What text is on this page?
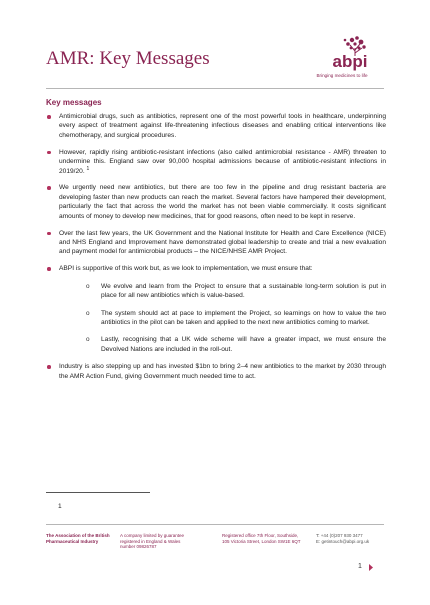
AMR: Key Messages	abpi
Bringing medicines to life
Key messages
Antimicrobial drugs, such as antibiotics, represent one of the most powerful tools in healthcare, underpinning every aspect of treatment against life-threatening infectious diseases and enabling critical interventions like chemotherapy, and surgical procedures.
However, rapidly rising antibiotic-resistant infections (also called antimicrobial resistance - AMR) threaten to undermine this. England saw over 90,000 hospital admissions because of antibiotic-resistant infections in 2019/20. $^1$
We urgently need new antibiotics, but there are too few in the pipeline and drug resistant bacteria are developing faster than new products can reach the market. Several factors have hampered their development, particularly the fact that across the world the market has not been viable commercially. It costs significant amounts of money to develop new medicines, that for good reasons, often need to be kept in reserve.
Over the last few years, the UK Government and the National Institute for Health and Care Excellence (NICE) and NHS England and Improvement have demonstrated global leadership to create and trial a new evaluation and payment model for antimicrobial products – the NICE/NHSE AMR Project.
ABPI is supportive of this work but, as we look to implementation, we must ensure that:
o We evolve and learn from the Project to ensure that a sustainable long-term solution is put in place for all new antibiotics which is value-based.
o The system should act at pace to implement the Project, so learnings on how to value the two antibiotics in the pilot can be taken and applied to the next new antibiotics coming to market.
o Lastly, recognising that a UK wide scheme will have a greater impact, we must ensure the Devolved Nations are included in the roll-out.
Industry is also stepping up and has invested $1bn to bring 2–4 new antibiotics to the market by 2030 through the AMR Action Fund, giving Government much needed time to act.
1
The Association of the British Pharmaceutical Industry
A company limited by guarantee registered in England & Wales number 09826787
Registered office 7th Floor, Southside, 105 Victoria Street, London SW1E 6QT
T: +44 (0)207 930 3477
E: getintouch@abpi.org.uk
1
